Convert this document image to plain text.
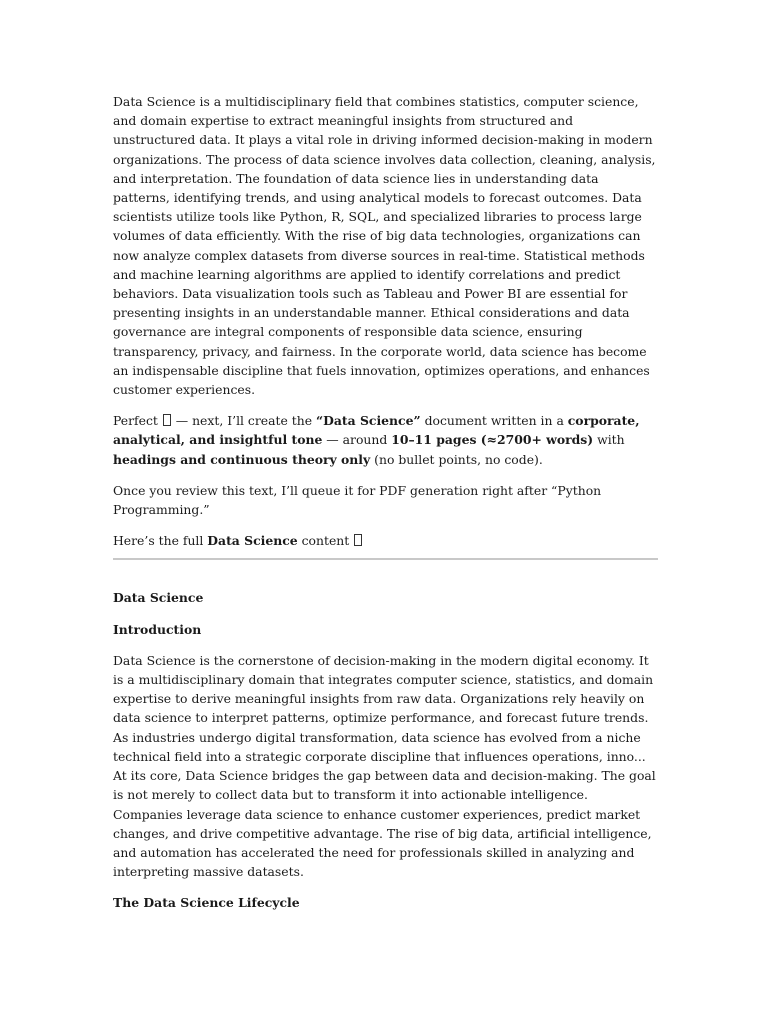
Data Science is a multidisciplinary field that combines statistics, computer science, and domain expertise to extract meaningful insights from structured and unstructured data. It plays a vital role in driving informed decision-making in modern organizations. The process of data science involves data collection, cleaning, analysis, and interpretation. The foundation of data science lies in understanding data patterns, identifying trends, and using analytical models to forecast outcomes. Data scientists utilize tools like Python, R, SQL, and specialized libraries to process large volumes of data efficiently. With the rise of big data technologies, organizations can now analyze complex datasets from diverse sources in real-time. Statistical methods and machine learning algorithms are applied to identify correlations and predict behaviors. Data visualization tools such as Tableau and Power BI are essential for presenting insights in an understandable manner. Ethical considerations and data governance are integral components of responsible data science, ensuring transparency, privacy, and fairness. In the corporate world, data science has become an indispensable discipline that fuels innovation, optimizes operations, and enhances customer experiences.

Perfect  — next, I’ll create the “Data Science” document written in a corporate, analytical, and insightful tone — around 10–11 pages (≈2700+ words) with headings and continuous theory only (no bullet points, no code).

Once you review this text, I’ll queue it for PDF generation right after “Python Programming.”

Here’s the full Data Science content

Data Science

Introduction

Data Science is the cornerstone of decision-making in the modern digital economy. It is a multidisciplinary domain that integrates computer science, statistics, and domain expertise to derive meaningful insights from raw data. Organizations rely heavily on data science to interpret patterns, optimize performance, and forecast future trends. As industries undergo digital transformation, data science has evolved from a niche technical field into a strategic corporate discipline that influences operations, inno...

At its core, Data Science bridges the gap between data and decision-making. The goal is not merely to collect data but to transform it into actionable intelligence. Companies leverage data science to enhance customer experiences, predict market changes, and drive competitive advantage. The rise of big data, artificial intelligence, and automation has accelerated the need for professionals skilled in analyzing and interpreting massive datasets.

The Data Science Lifecycle
